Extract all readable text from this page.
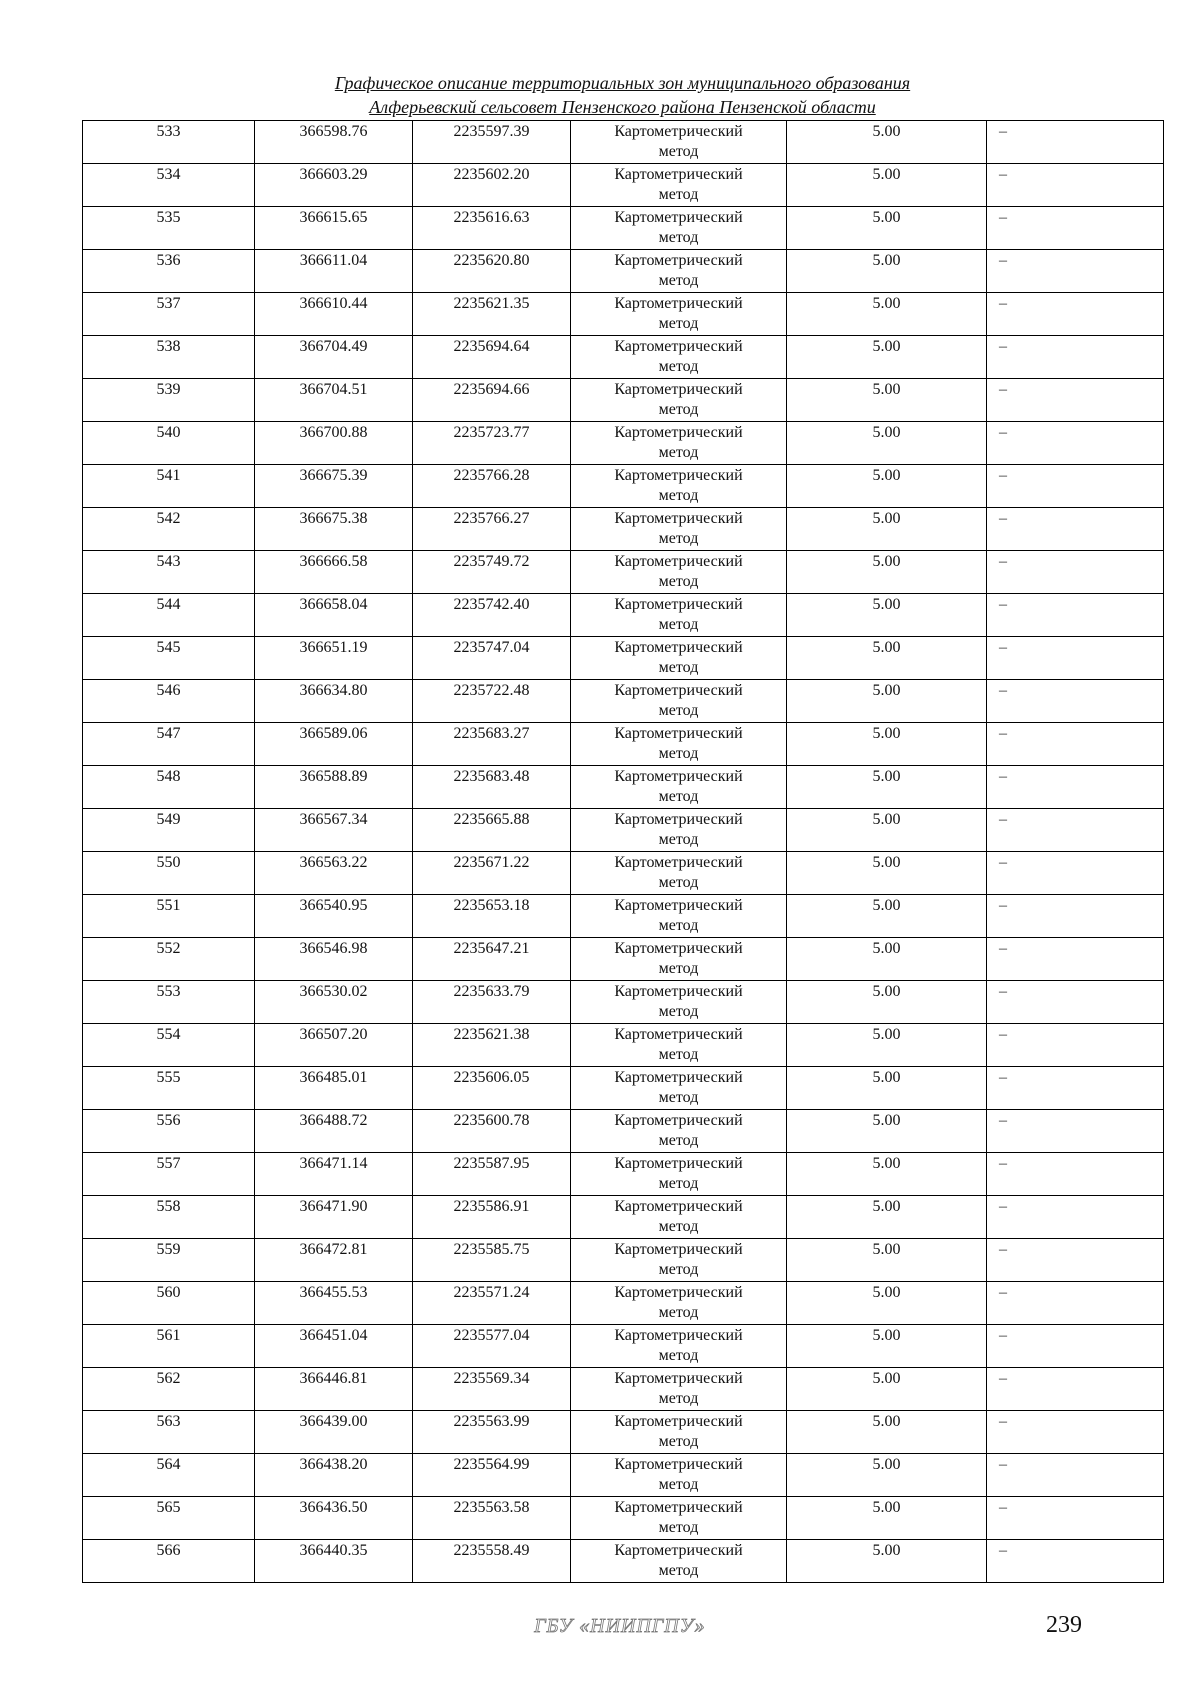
Графическое описание территориальных зон муниципального образования
Алферьевский сельсовет Пензенского района Пензенской области
533	366598.76	2235597.39	Картометрический метод	5.00	–

534	366603.29	2235602.20	Картометрический метод	5.00	–

535	366615.65	2235616.63	Картометрический метод	5.00	–

536	366611.04	2235620.80	Картометрический метод	5.00	–

537	366610.44	2235621.35	Картометрический метод	5.00	–

538	366704.49	2235694.64	Картометрический метод	5.00	–

539	366704.51	2235694.66	Картометрический метод	5.00	–

540	366700.88	2235723.77	Картометрический метод	5.00	–

541	366675.39	2235766.28	Картометрический метод	5.00	–

542	366675.38	2235766.27	Картометрический метод	5.00	–

543	366666.58	2235749.72	Картометрический метод	5.00	–

544	366658.04	2235742.40	Картометрический метод	5.00	–

545	366651.19	2235747.04	Картометрический метод	5.00	–

546	366634.80	2235722.48	Картометрический метод	5.00	–

547	366589.06	2235683.27	Картометрический метод	5.00	–

548	366588.89	2235683.48	Картометрический метод	5.00	–

549	366567.34	2235665.88	Картометрический метод	5.00	–

550	366563.22	2235671.22	Картометрический метод	5.00	–

551	366540.95	2235653.18	Картометрический метод	5.00	–

552	366546.98	2235647.21	Картометрический метод	5.00	–

553	366530.02	2235633.79	Картометрический метод	5.00	–

554	366507.20	2235621.38	Картометрический метод	5.00	–

555	366485.01	2235606.05	Картометрический метод	5.00	–

556	366488.72	2235600.78	Картометрический метод	5.00	–

557	366471.14	2235587.95	Картометрический метод	5.00	–

558	366471.90	2235586.91	Картометрический метод	5.00	–

559	366472.81	2235585.75	Картометрический метод	5.00	–

560	366455.53	2235571.24	Картометрический метод	5.00	–

561	366451.04	2235577.04	Картометрический метод	5.00	–

562	366446.81	2235569.34	Картометрический метод	5.00	–

563	366439.00	2235563.99	Картометрический метод	5.00	–

564	366438.20	2235564.99	Картометрический метод	5.00	–

565	366436.50	2235563.58	Картометрический метод	5.00	–

566	366440.35	2235558.49	Картометрический метод	5.00	–
ГБУ «НИИПГПУ»	239
